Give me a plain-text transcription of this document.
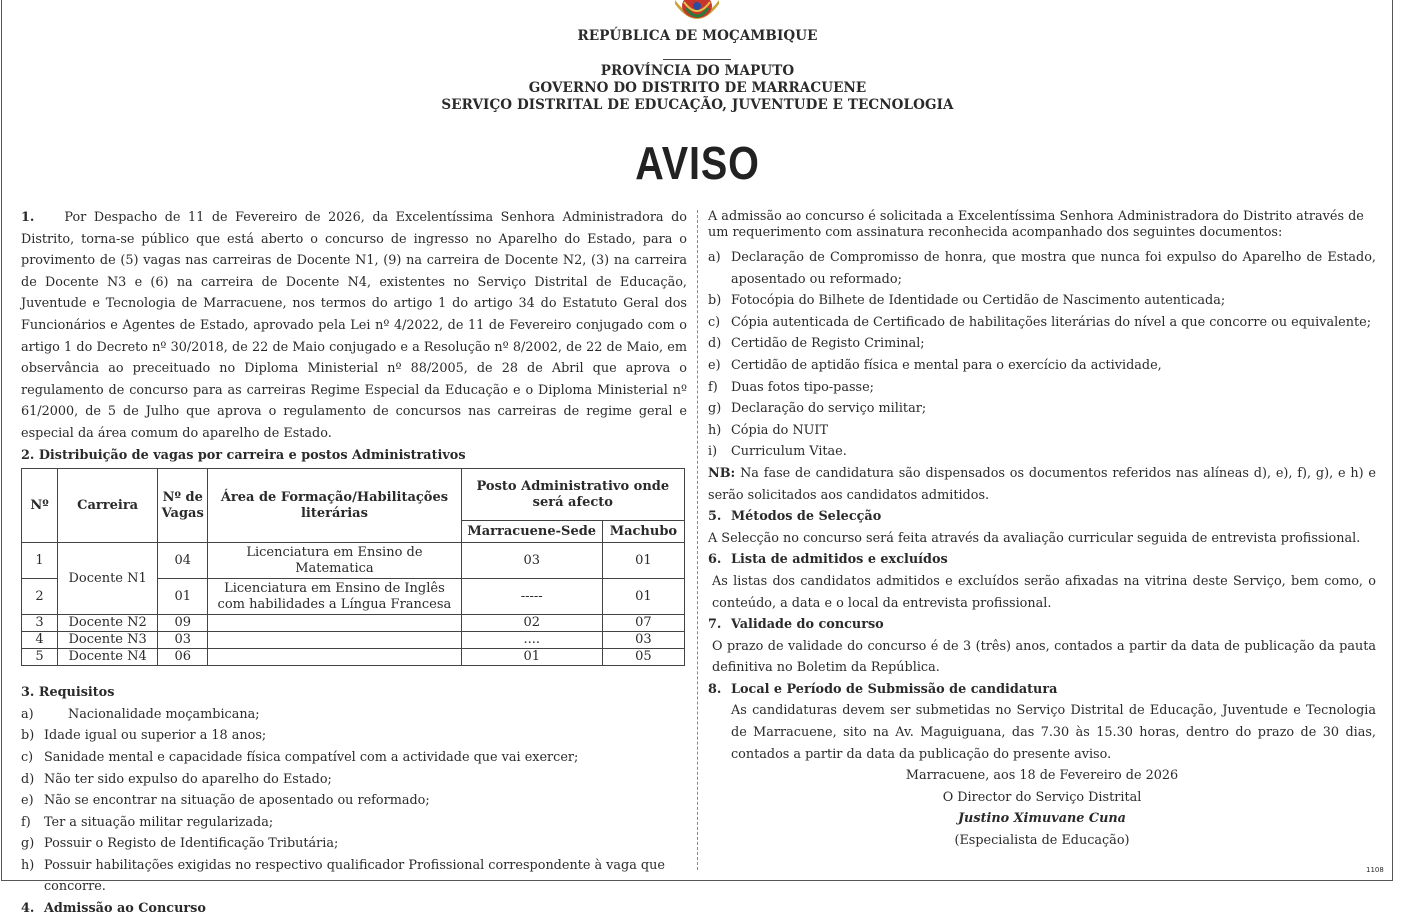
REPÚBLICA DE MOÇAMBIQUE
PROVÍNCIA DO MAPUTO
GOVERNO DO DISTRITO DE MARRACUENE
SERVIÇO DISTRITAL DE EDUCAÇÃO, JUVENTUDE E TECNOLOGIA
AVISO
1. Por Despacho de 11 de Fevereiro de 2026, da Excelentíssima Senhora Administradora do Distrito, torna-se público que está aberto o concurso de ingresso no Aparelho do Estado, para o provimento de (5) vagas nas carreiras de Docente N1, (9) na carreira de Docente N2, (3) na carreira de Docente N3 e (6) na carreira de Docente N4, existentes no Serviço Distrital de Educação, Juventude e Tecnologia de Marracuene, nos termos do artigo 1 do artigo 34 do Estatuto Geral dos Funcionários e Agentes de Estado, aprovado pela Lei nº 4/2022, de 11 de Fevereiro conjugado com o artigo 1 do Decreto nº 30/2018, de 22 de Maio conjugado e a Resolução nº 8/2002, de 22 de Maio, em observância ao preceituado no Diploma Ministerial nº 88/2005, de 28 de Abril que aprova o regulamento de concurso para as carreiras Regime Especial da Educação e o Diploma Ministerial nº 61/2000, de 5 de Julho que aprova o regulamento de concursos nas carreiras de regime geral e especial da área comum do aparelho de Estado.
2. Distribuição de vagas por carreira e postos Administrativos
Nº	Carreira	Nº de Vagas	Área de Formação/Habilitações literárias	Posto Administrativo onde será afecto	
				Marracuene-Sede	Machubo
1	Docente N1	04	Licenciatura em Ensino de Matematica	03	01
2		01	Licenciatura em Ensino de Inglês com habilidades a Língua Francesa	-----	01
3	Docente N2	09		02	07
4	Docente N3	03		....	03
5	Docente N4	06		01	05
3. Requisitos
a)	Nacionalidade moçambicana;
b) Idade igual ou superior a 18 anos;
c) Sanidade mental e capacidade física compatível com a actividade que vai exercer;
d) Não ter sido expulso do aparelho do Estado;
e) Não se encontrar na situação de aposentado ou reformado;
f) Ter a situação militar regularizada;
g) Possuir o Registo de Identificação Tributária;
h) Possuir habilitações exigidas no respectivo qualificador Profissional correspondente à vaga que concorre.
4. Admissão ao Concurso
A admissão ao concurso é solicitada a Excelentíssima Senhora Administradora do Distrito através de um requerimento com assinatura reconhecida acompanhado dos seguintes documentos:
a) Declaração de Compromisso de honra, que mostra que nunca foi expulso do Aparelho de Estado, aposentado ou reformado;
b) Fotocópia do Bilhete de Identidade ou Certidão de Nascimento autenticada;
c) Cópia autenticada de Certificado de habilitações literárias do nível a que concorre ou equivalente;
d) Certidão de Registo Criminal;
e) Certidão de aptidão física e mental para o exercício da actividade,
f) Duas fotos tipo-passe;
g) Declaração do serviço militar;
h) Cópia do NUIT
i) Curriculum Vitae.
NB: Na fase de candidatura são dispensados os documentos referidos nas alíneas d), e), f), g), e h) e serão solicitados aos candidatos admitidos.
5. Métodos de Selecção
A Selecção no concurso será feita através da avaliação curricular seguida de entrevista profissional.
6. Lista de admitidos e excluídos
As listas dos candidatos admitidos e excluídos serão afixadas na vitrina deste Serviço, bem como, o conteúdo, a data e o local da entrevista profissional.
7. Validade do concurso
O prazo de validade do concurso é de 3 (três) anos, contados a partir da data de publicação da pauta definitiva no Boletim da República.
8. Local e Período de Submissão de candidatura
As candidaturas devem ser submetidas no Serviço Distrital de Educação, Juventude e Tecnologia de Marracuene, sito na Av. Maguiguana, das 7.30 às 15.30 horas, dentro do prazo de 30 dias, contados a partir da data da publicação do presente aviso.
Marracuene, aos 18 de Fevereiro de 2026
O Director do Serviço Distrital
Justino Ximuvane Cuna
(Especialista de Educação)
1108
